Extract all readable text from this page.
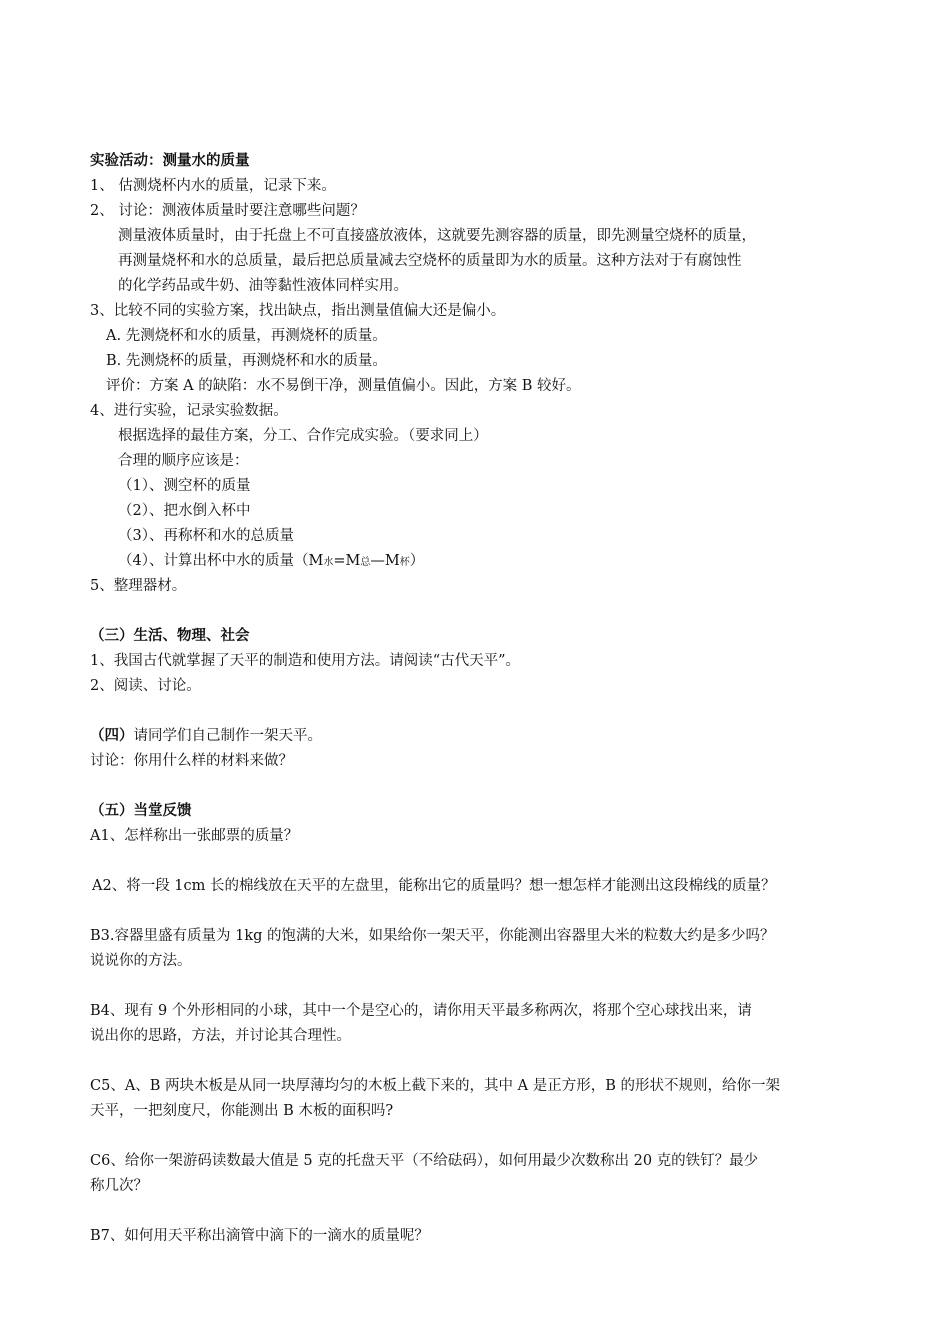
实验活动：测量水的质量
1、 估测烧杯内水的质量，记录下来。
2、 讨论：测液体质量时要注意哪些问题？
测量液体质量时，由于托盘上不可直接盛放液体，这就要先测容器的质量，即先测量空烧杯的质量，
再测量烧杯和水的总质量，最后把总质量减去空烧杯的质量即为水的质量。这种方法对于有腐蚀性
的化学药品或牛奶、油等黏性液体同样实用。
3、比较不同的实验方案，找出缺点，指出测量值偏大还是偏小。
A. 先测烧杯和水的质量，再测烧杯的质量。
B. 先测烧杯的质量，再测烧杯和水的质量。
评价：方案 A 的缺陷：水不易倒干净，测量值偏小。因此，方案 B 较好。
4、进行实验，记录实验数据。
根据选择的最佳方案，分工、合作完成实验。（要求同上）
合理的顺序应该是：
（1）、测空杯的质量
（2）、把水倒入杯中
（3）、再称杯和水的总质量
（4）、计算出杯中水的质量（M水=M总—M杯）
5、整理器材。
（三）生活、物理、社会
1、我国古代就掌握了天平的制造和使用方法。请阅读“古代天平”。
2、阅读、讨论。
（四）请同学们自己制作一架天平。
讨论：你用什么样的材料来做？
（五）当堂反馈
A1、怎样称出一张邮票的质量？
A2、将一段 1cm 长的棉线放在天平的左盘里，能称出它的质量吗？想一想怎样才能测出这段棉线的质量？
B3.容器里盛有质量为 1kg 的饱满的大米，如果给你一架天平，你能测出容器里大米的粒数大约是多少吗？
说说你的方法。
B4、现有 9 个外形相同的小球，其中一个是空心的，请你用天平最多称两次，将那个空心球找出来，请
说出你的思路，方法，并讨论其合理性。
C5、A、B 两块木板是从同一块厚薄均匀的木板上截下来的，其中 A 是正方形，B 的形状不规则，给你一架
天平，一把刻度尺，你能测出 B 木板的面积吗?
C6、给你一架游码读数最大值是 5 克的托盘天平（不给砝码），如何用最少次数称出 20 克的铁钉？最少
称几次？
B7、如何用天平称出滴管中滴下的一滴水的质量呢？
